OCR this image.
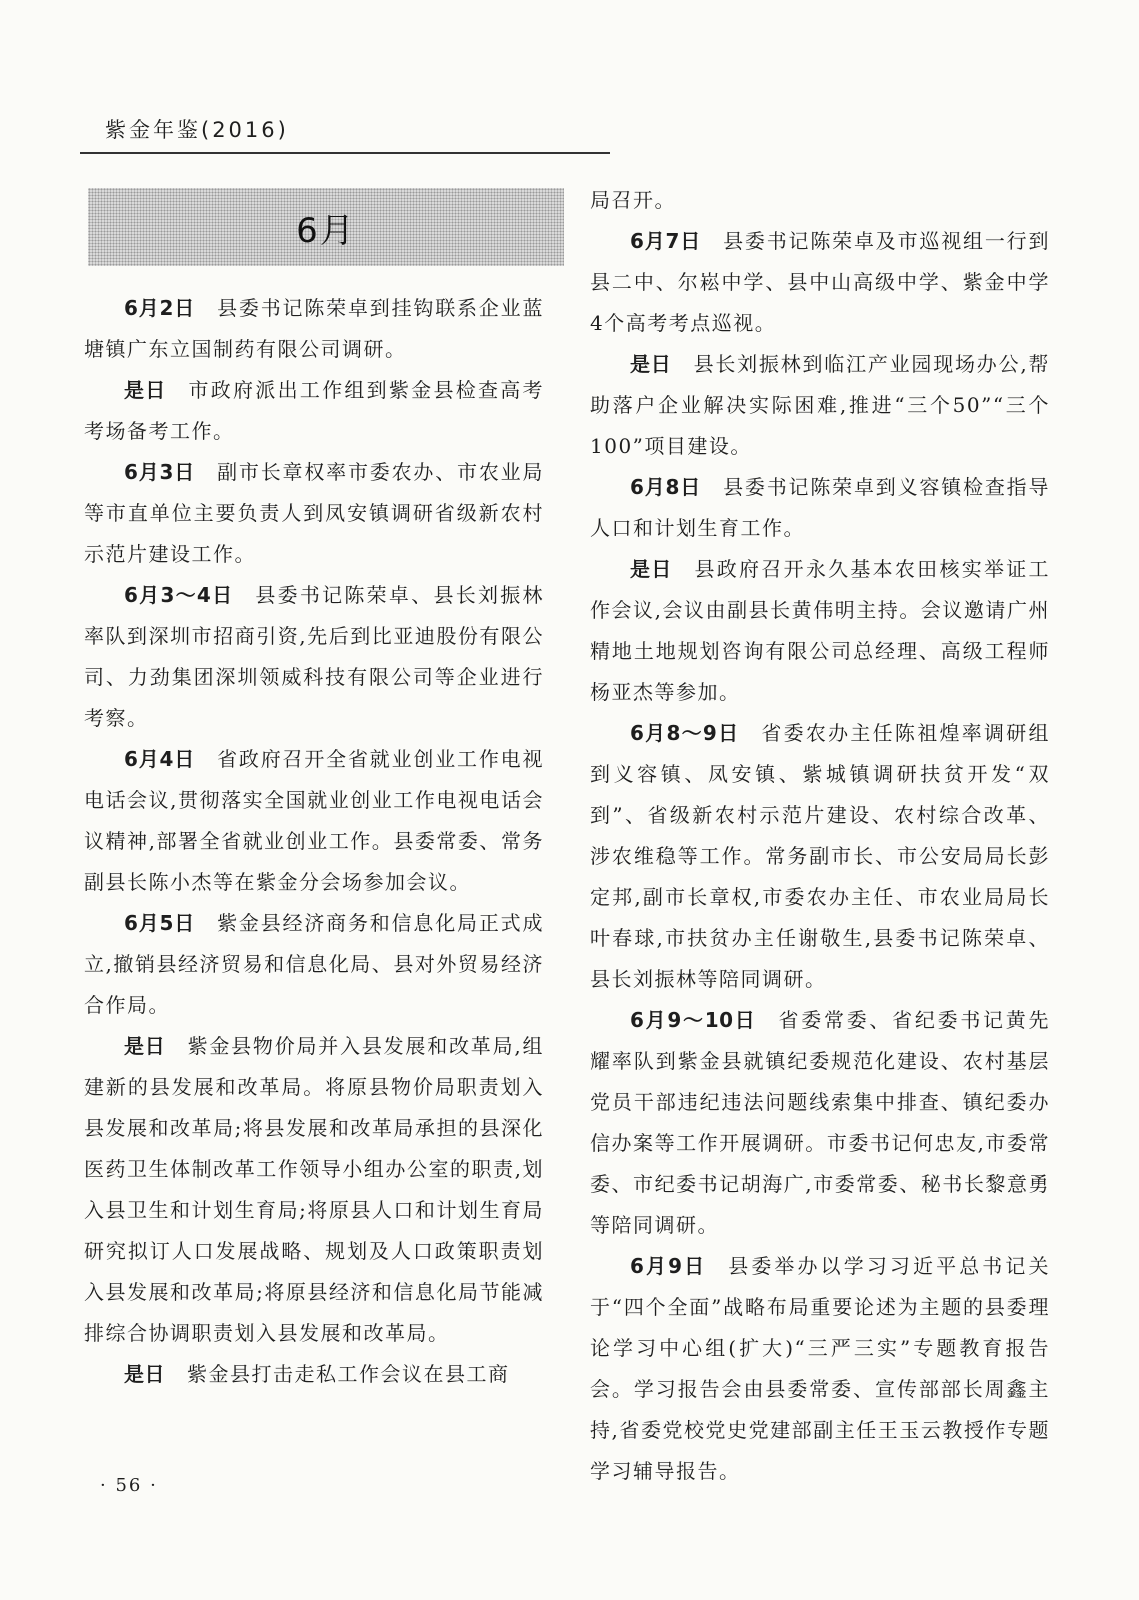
紫金年鉴(2016)
6月

6月2日 县委书记陈荣卓到挂钩联系企业蓝塘镇广东立国制药有限公司调研。

是日 市政府派出工作组到紫金县检查高考考场备考工作。

6月3日 副市长章权率市委农办、市农业局等市直单位主要负责人到凤安镇调研省级新农村示范片建设工作。

6月3～4日 县委书记陈荣卓、县长刘振林率队到深圳市招商引资,先后到比亚迪股份有限公司、力劲集团深圳领威科技有限公司等企业进行考察。

6月4日 省政府召开全省就业创业工作电视电话会议,贯彻落实全国就业创业工作电视电话会议精神,部署全省就业创业工作。县委常委、常务副县长陈小杰等在紫金分会场参加会议。

6月5日 紫金县经济商务和信息化局正式成立,撤销县经济贸易和信息化局、县对外贸易经济合作局。

是日 紫金县物价局并入县发展和改革局,组建新的县发展和改革局。将原县物价局职责划入县发展和改革局;将县发展和改革局承担的县深化医药卫生体制改革工作领导小组办公室的职责,划入县卫生和计划生育局;将原县人口和计划生育局研究拟订人口发展战略、规划及人口政策职责划入县发展和改革局;将原县经济和信息化局节能减排综合协调职责划入县发展和改革局。

是日 紫金县打击走私工作会议在县工商

局召开。

6月7日 县委书记陈荣卓及市巡视组一行到县二中、尔崧中学、县中山高级中学、紫金中学4个高考考点巡视。

是日 县长刘振林到临江产业园现场办公,帮助落户企业解决实际困难,推进“三个50”“三个100”项目建设。

6月8日 县委书记陈荣卓到义容镇检查指导人口和计划生育工作。

是日 县政府召开永久基本农田核实举证工作会议,会议由副县长黄伟明主持。会议邀请广州精地土地规划咨询有限公司总经理、高级工程师杨亚杰等参加。

6月8～9日 省委农办主任陈祖煌率调研组到义容镇、凤安镇、紫城镇调研扶贫开发“双到”、省级新农村示范片建设、农村综合改革、涉农维稳等工作。常务副市长、市公安局局长彭定邦,副市长章权,市委农办主任、市农业局局长叶春球,市扶贫办主任谢敬生,县委书记陈荣卓、县长刘振林等陪同调研。

6月9～10日 省委常委、省纪委书记黄先耀率队到紫金县就镇纪委规范化建设、农村基层党员干部违纪违法问题线索集中排查、镇纪委办信办案等工作开展调研。市委书记何忠友,市委常委、市纪委书记胡海广,市委常委、秘书长黎意勇等陪同调研。

6月9日 县委举办以学习习近平总书记关于“四个全面”战略布局重要论述为主题的县委理论学习中心组(扩大)“三严三实”专题教育报告会。学习报告会由县委常委、宣传部部长周鑫主持,省委党校党史党建部副主任王玉云教授作专题学习辅导报告。

· 56 ·
